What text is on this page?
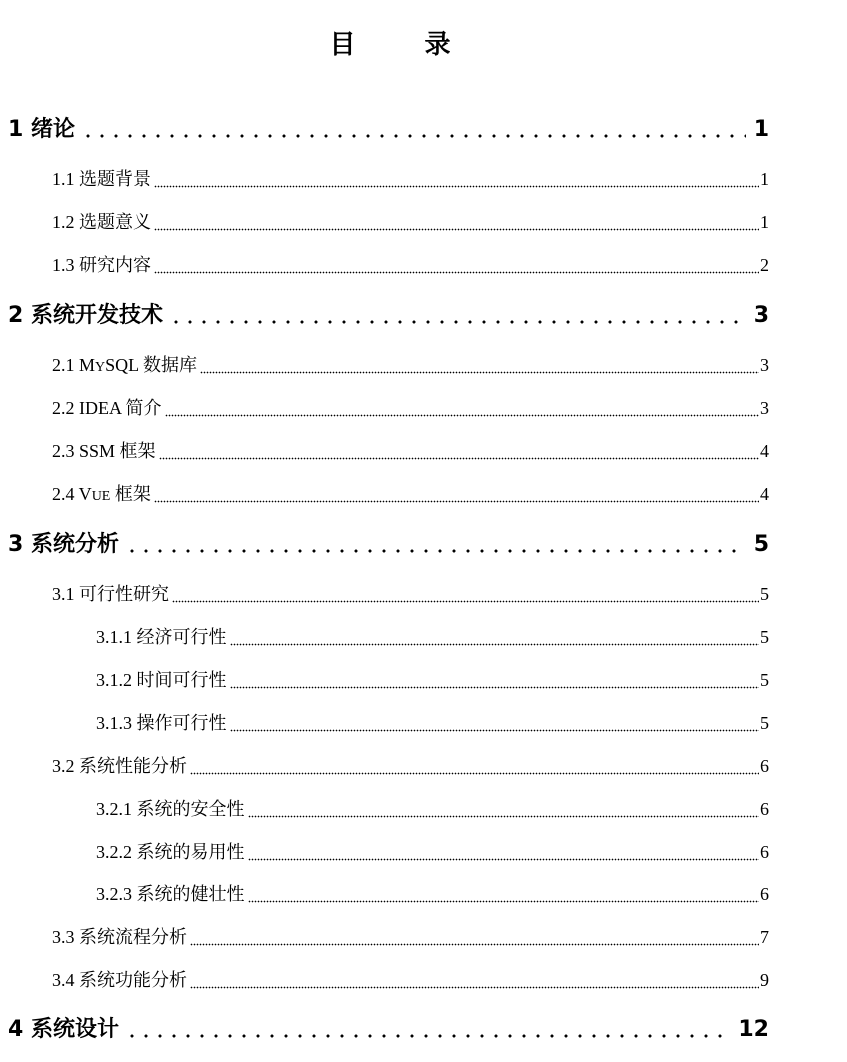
目 录
1 绪论	1
1.1 选题背景	1
1.2 选题意义	1
1.3 研究内容	2
2 系统开发技术	3
2.1 MYSQL 数据库	3
2.2 IDEA 简介	3
2.3 SSM 框架	4
2.4 VUE 框架	4
3 系统分析	5
3.1 可行性研究	5
3.1.1 经济可行性	5
3.1.2 时间可行性	5
3.1.3 操作可行性	5
3.2 系统性能分析	6
3.2.1 系统的安全性	6
3.2.2 系统的易用性	6
3.2.3 系统的健壮性	6
3.3 系统流程分析	7
3.4 系统功能分析	9
4 系统设计	12
